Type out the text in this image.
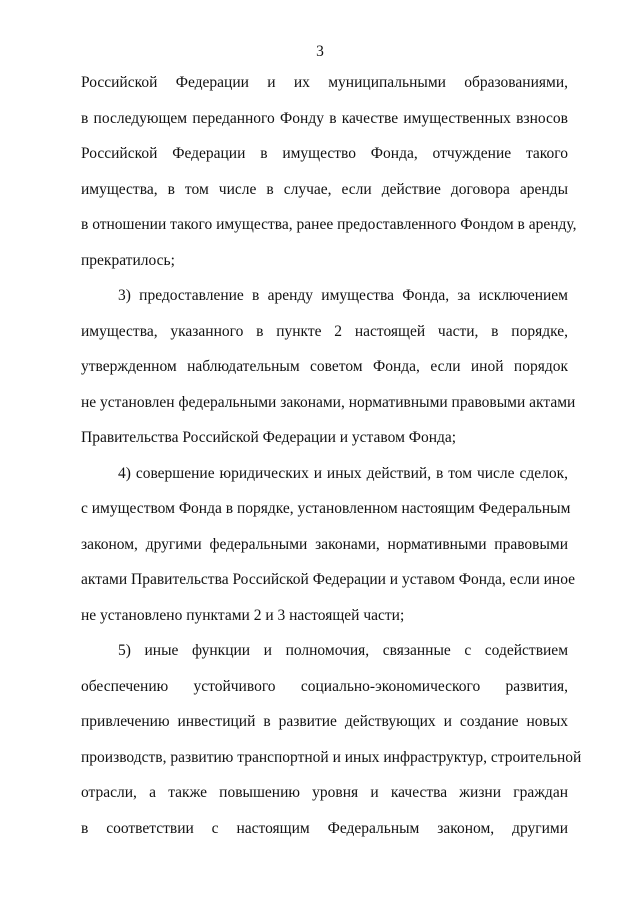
3
Российской Федерации и их муниципальными образованиями,
в последующем переданного Фонду в качестве имущественных взносов
Российской Федерации в имущество Фонда, отчуждение такого
имущества, в том числе в случае, если действие договора аренды
в отношении такого имущества, ранее предоставленного Фондом в аренду,
прекратилось;
3) предоставление в аренду имущества Фонда, за исключением
имущества, указанного в пункте 2 настоящей части, в порядке,
утвержденном наблюдательным советом Фонда, если иной порядок
не установлен федеральными законами, нормативными правовыми актами
Правительства Российской Федерации и уставом Фонда;
4) совершение юридических и иных действий, в том числе сделок,
с имуществом Фонда в порядке, установленном настоящим Федеральным
законом, другими федеральными законами, нормативными правовыми
актами Правительства Российской Федерации и уставом Фонда, если иное
не установлено пунктами 2 и 3 настоящей части;
5) иные функции и полномочия, связанные с содействием
обеспечению устойчивого социально-экономического развития,
привлечению инвестиций в развитие действующих и создание новых
производств, развитию транспортной и иных инфраструктур, строительной
отрасли, а также повышению уровня и качества жизни граждан
в соответствии с настоящим Федеральным законом, другими
